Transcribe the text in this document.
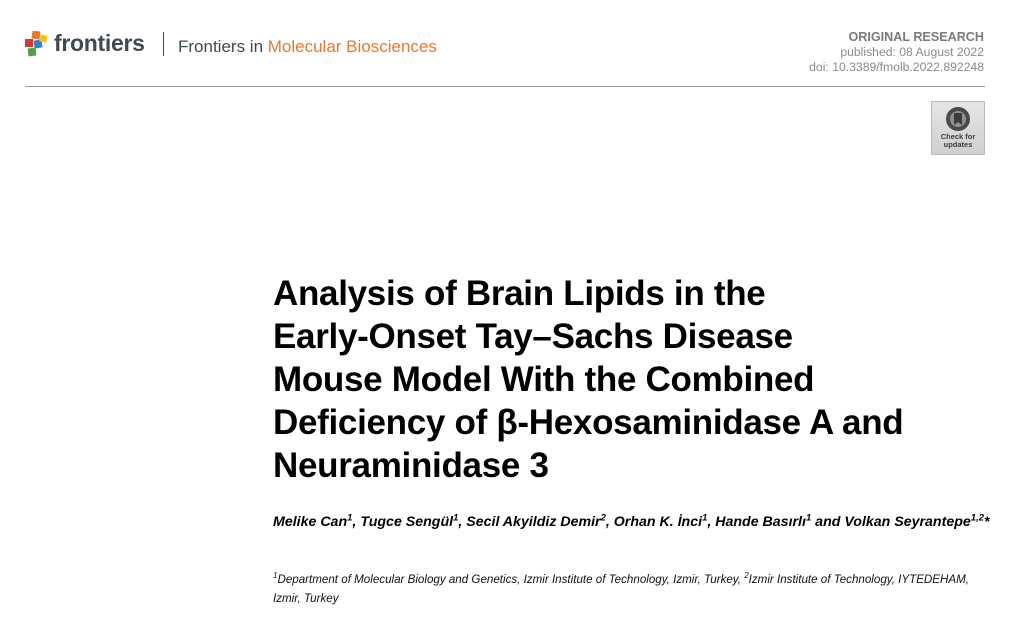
frontiers Frontiers in Molecular Biosciences	ORIGINAL RESEARCH
published: 08 August 2022
doi: 10.3389/fmolb.2022.892248
Check for
updates
Analysis of Brain Lipids in the
Early-Onset Tay–Sachs Disease
Mouse Model With the Combined
Deficiency of β-Hexosaminidase A and
Neuraminidase 3
Melike Can$^1$, Tugce Sengül$^1$, Secil Akyildiz Demir$^2$, Orhan K. İnci$^1$, Hande Basırlı$^1$ and Volkan Seyrantepe$^{1,2}$*
$^1$Department of Molecular Biology and Genetics, Izmir Institute of Technology, Izmir, Turkey, $^2$Izmir Institute of Technology, IYTEDEHAM, Izmir, Turkey
